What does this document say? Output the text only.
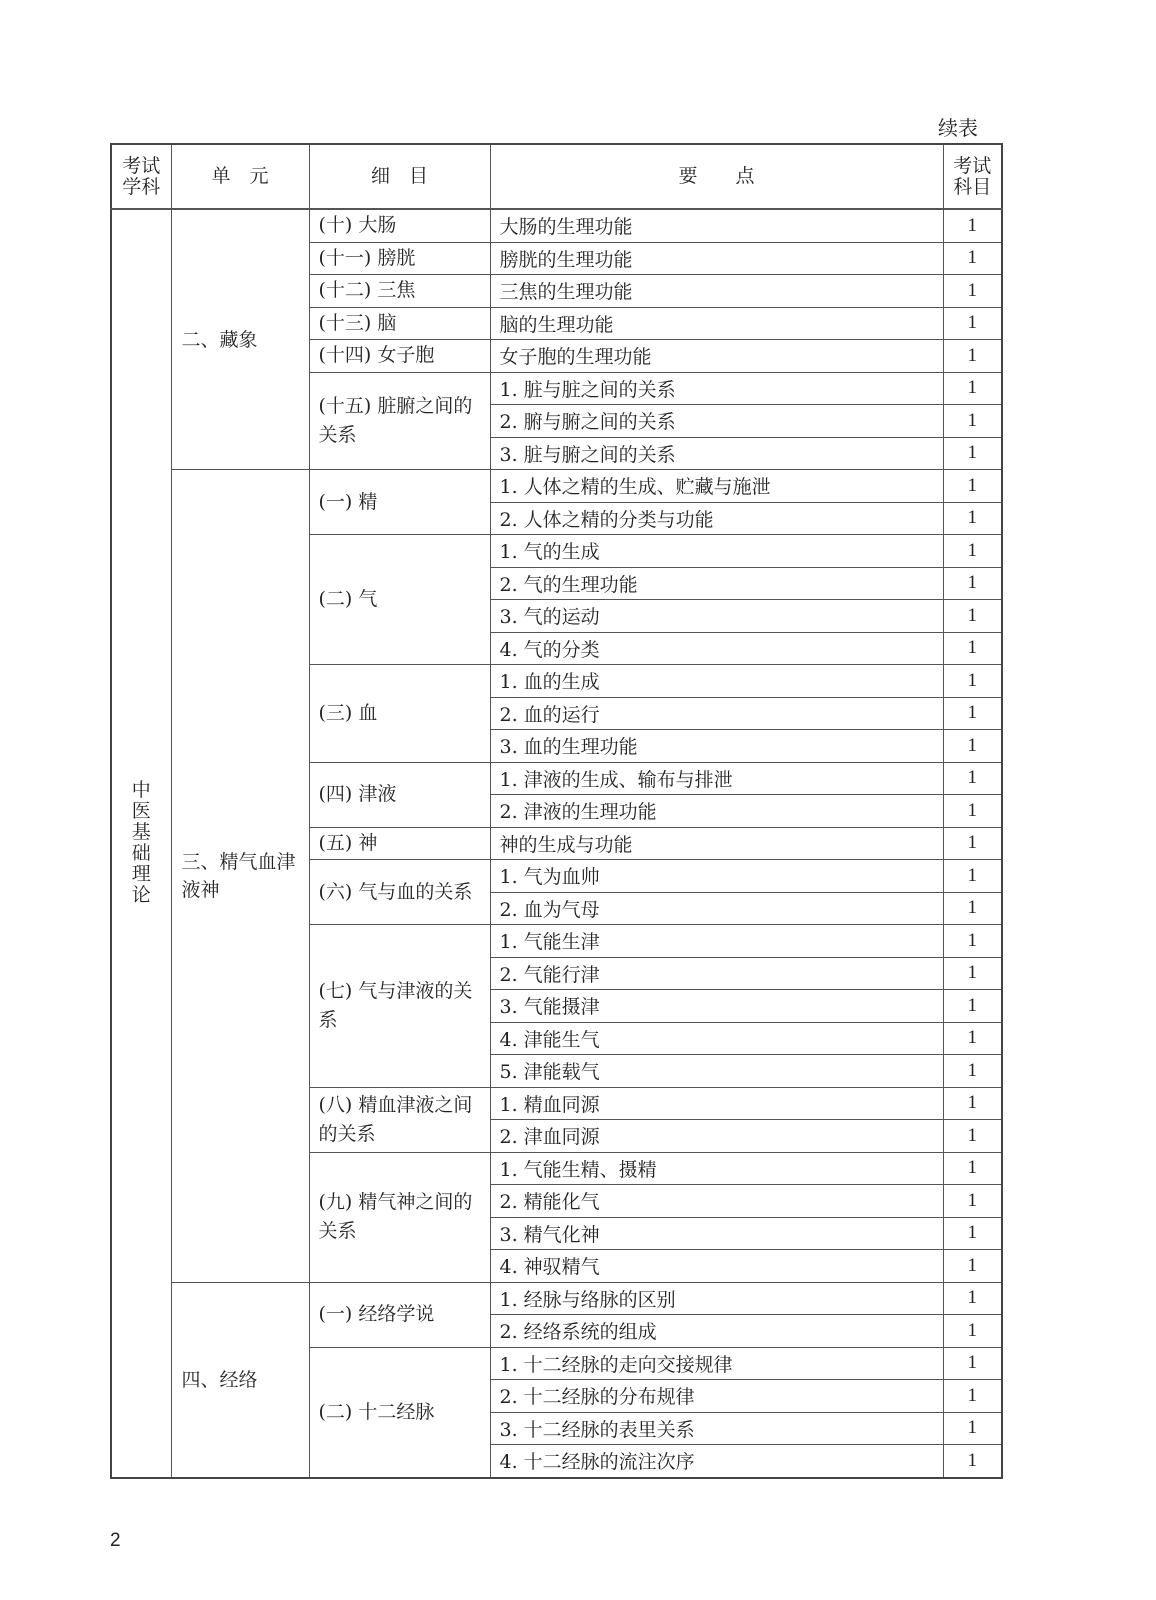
续表
考试学科	单　元	细　目	要　　点	考试科目

中医基础理论	二、藏象	(十) 大肠	大肠的生理功能	1
		(十一) 膀胱	膀胱的生理功能	1
		(十二) 三焦	三焦的生理功能	1
		(十三) 脑	脑的生理功能	1
		(十四) 女子胞	女子胞的生理功能	1
		(十五) 脏腑之间的关系	1. 脏与脏之间的关系	1
			2. 腑与腑之间的关系	1
			3. 脏与腑之间的关系	1
	三、精气血津液神	(一) 精	1. 人体之精的生成、贮藏与施泄	1
			2. 人体之精的分类与功能	1
		(二) 气	1. 气的生成	1
			2. 气的生理功能	1
			3. 气的运动	1
			4. 气的分类	1
		(三) 血	1. 血的生成	1
			2. 血的运行	1
			3. 血的生理功能	1
		(四) 津液	1. 津液的生成、输布与排泄	1
			2. 津液的生理功能	1
		(五) 神	神的生成与功能	1
		(六) 气与血的关系	1. 气为血帅	1
			2. 血为气母	1
		(七) 气与津液的关系	1. 气能生津	1
			2. 气能行津	1
			3. 气能摄津	1
			4. 津能生气	1
			5. 津能载气	1
		(八) 精血津液之间的关系	1. 精血同源	1
			2. 津血同源	1
		(九) 精气神之间的关系	1. 气能生精、摄精	1
			2. 精能化气	1
			3. 精气化神	1
			4. 神驭精气	1
	四、经络	(一) 经络学说	1. 经脉与络脉的区别	1
			2. 经络系统的组成	1
		(二) 十二经脉	1. 十二经脉的走向交接规律	1
			2. 十二经脉的分布规律	1
			3. 十二经脉的表里关系	1
			4. 十二经脉的流注次序	1
2
